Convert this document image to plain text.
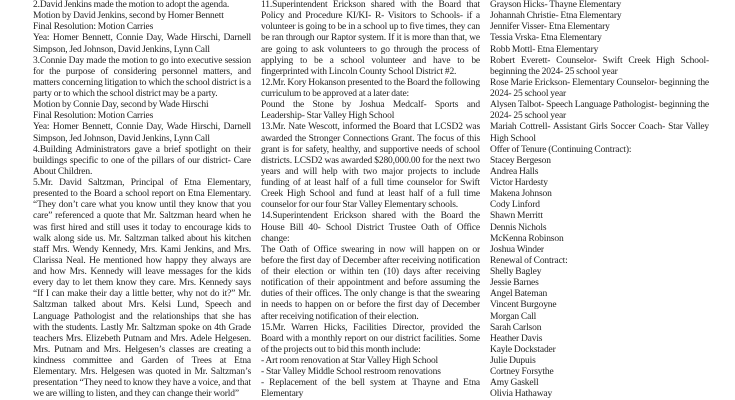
2.David Jenkins made the motion to adopt the agenda.

Motion by David Jenkins, second by Homer Bennett

Final Resolution: Motion Carries

Yea: Homer Bennett, Connie Day, Wade Hirschi, Darnell Simpson, Jed Johnson, David Jenkins, Lynn Call

3.Connie Day made the motion to go into executive session for the purpose of considering personnel matters, and matters concerning litigation to which the school district is a party or to which the school district may be a party.

Motion by Connie Day, second by Wade Hirschi

Final Resolution: Motion Carries

Yea: Homer Bennett, Connie Day, Wade Hirschi, Darnell Simpson, Jed Johnson, David Jenkins, Lynn Call

4.Building Administrators gave a brief spotlight on their buildings specific to one of the pillars of our district- Care About Children.

5.Mr. David Saltzman, Principal of Etna Elementary, presented to the Board a school report on Etna Elementary. “They don’t care what you know until they know that you care” referenced a quote that Mr. Saltzman heard when he was first hired and still uses it today to encourage kids to walk along side us. Mr. Saltzman talked about his kitchen staff Mrs. Wendy Kennedy, Mrs. Kami Jenkins, and Mrs. Clarissa Neal. He mentioned how happy they always are and how Mrs. Kennedy will leave messages for the kids every day to let them know they care. Mrs. Kennedy says “If I can make their day a little better, why not do it?” Mr. Saltzman talked about Mrs. Kelsi Lund, Speech and Language Pathologist and the relationships that she has with the students. Lastly Mr. Saltzman spoke on 4th Grade teachers Mrs. Elizebeth Putnam and Mrs. Adele Helgesen. Mrs. Putnam and Mrs. Helgesen’s classes are creating a kindness committee and Garden of Trees at Etna Elementary. Mrs. Helgesen was quoted in Mr. Saltzman’s presentation “They need to know they have a voice, and that we are willing to listen, and they can change their world”

11.Superintendent Erickson shared with the Board that Policy and Procedure KI/KI- R- Visitors to Schools- if a volunteer is going to be in a school up to five times, they can be ran through our Raptor system. If it is more than that, we are going to ask volunteers to go through the process of applying to be a school volunteer and have to be fingerprinted with Lincoln County School District #2.

12.Mr. Kory Hokanson presented to the Board the following curriculum to be approved at a later date:

Pound the Stone by Joshua Medcalf- Sports and Leadership- Star Valley High School

13.Mr. Nate Wescott, informed the Board that LCSD2 was awarded the Stronger Connections Grant. The focus of this grant is for safety, healthy, and supportive needs of school districts. LCSD2 was awarded $280,000.00 for the next two years and will help with two major projects to include funding of at least half of a full time counselor for Swift Creek High School and fund at least half of a full time counselor for our four Star Valley Elementary schools.

14.Superintendent Erickson shared with the Board the House Bill 40- School District Trustee Oath of Office change:

The Oath of Office swearing in now will happen on or before the first day of December after receiving notification of their election or within ten (10) days after receiving notification of their appointment and before assuming the duties of their offices. The only change is that the swearing in needs to happen on or before the first day of December after receiving notification of their election.

15.Mr. Warren Hicks, Facilities Director, provided the Board with a monthly report on our district facilities. Some of the projects out to bid this month include:

- Art room renovation at Star Valley High School

- Star Valley Middle School restroom renovations

- Replacement of the bell system at Thayne and Etna Elementary

Grayson Hicks- Thayne Elementary

Johannah Christie- Etna Elementary

Jennifer Visser- Etna Elementary

Tessia Vrska- Etna Elementary

Robb Mottl- Etna Elementary

Robert Everett- Counselor- Swift Creek High School- beginning the 2024- 25 school year

Rose Marie Erickson- Elementary Counselor- beginning the 2024- 25 school year

Alysen Talbot- Speech Language Pathologist- beginning the 2024- 25 school year

Mariah Cottrell- Assistant Girls Soccer Coach- Star Valley High School

Offer of Tenure (Continuing Contract):

Stacey Bergeson

Andrea Halls

Victor Hardesty

Makena Johnson

Cody Linford

Shawn Merritt

Dennis Nichols

McKenna Robinson

Joshua Winder

Renewal of Contract:

Shelly Bagley

Jessie Barnes

Angel Bateman

Vincent Burgoyne

Morgan Call

Sarah Carlson

Heather Davis

Kayle Dockstader

Julie Dupuis

Cortney Forsythe

Amy Gaskell

Olivia Hathaway
